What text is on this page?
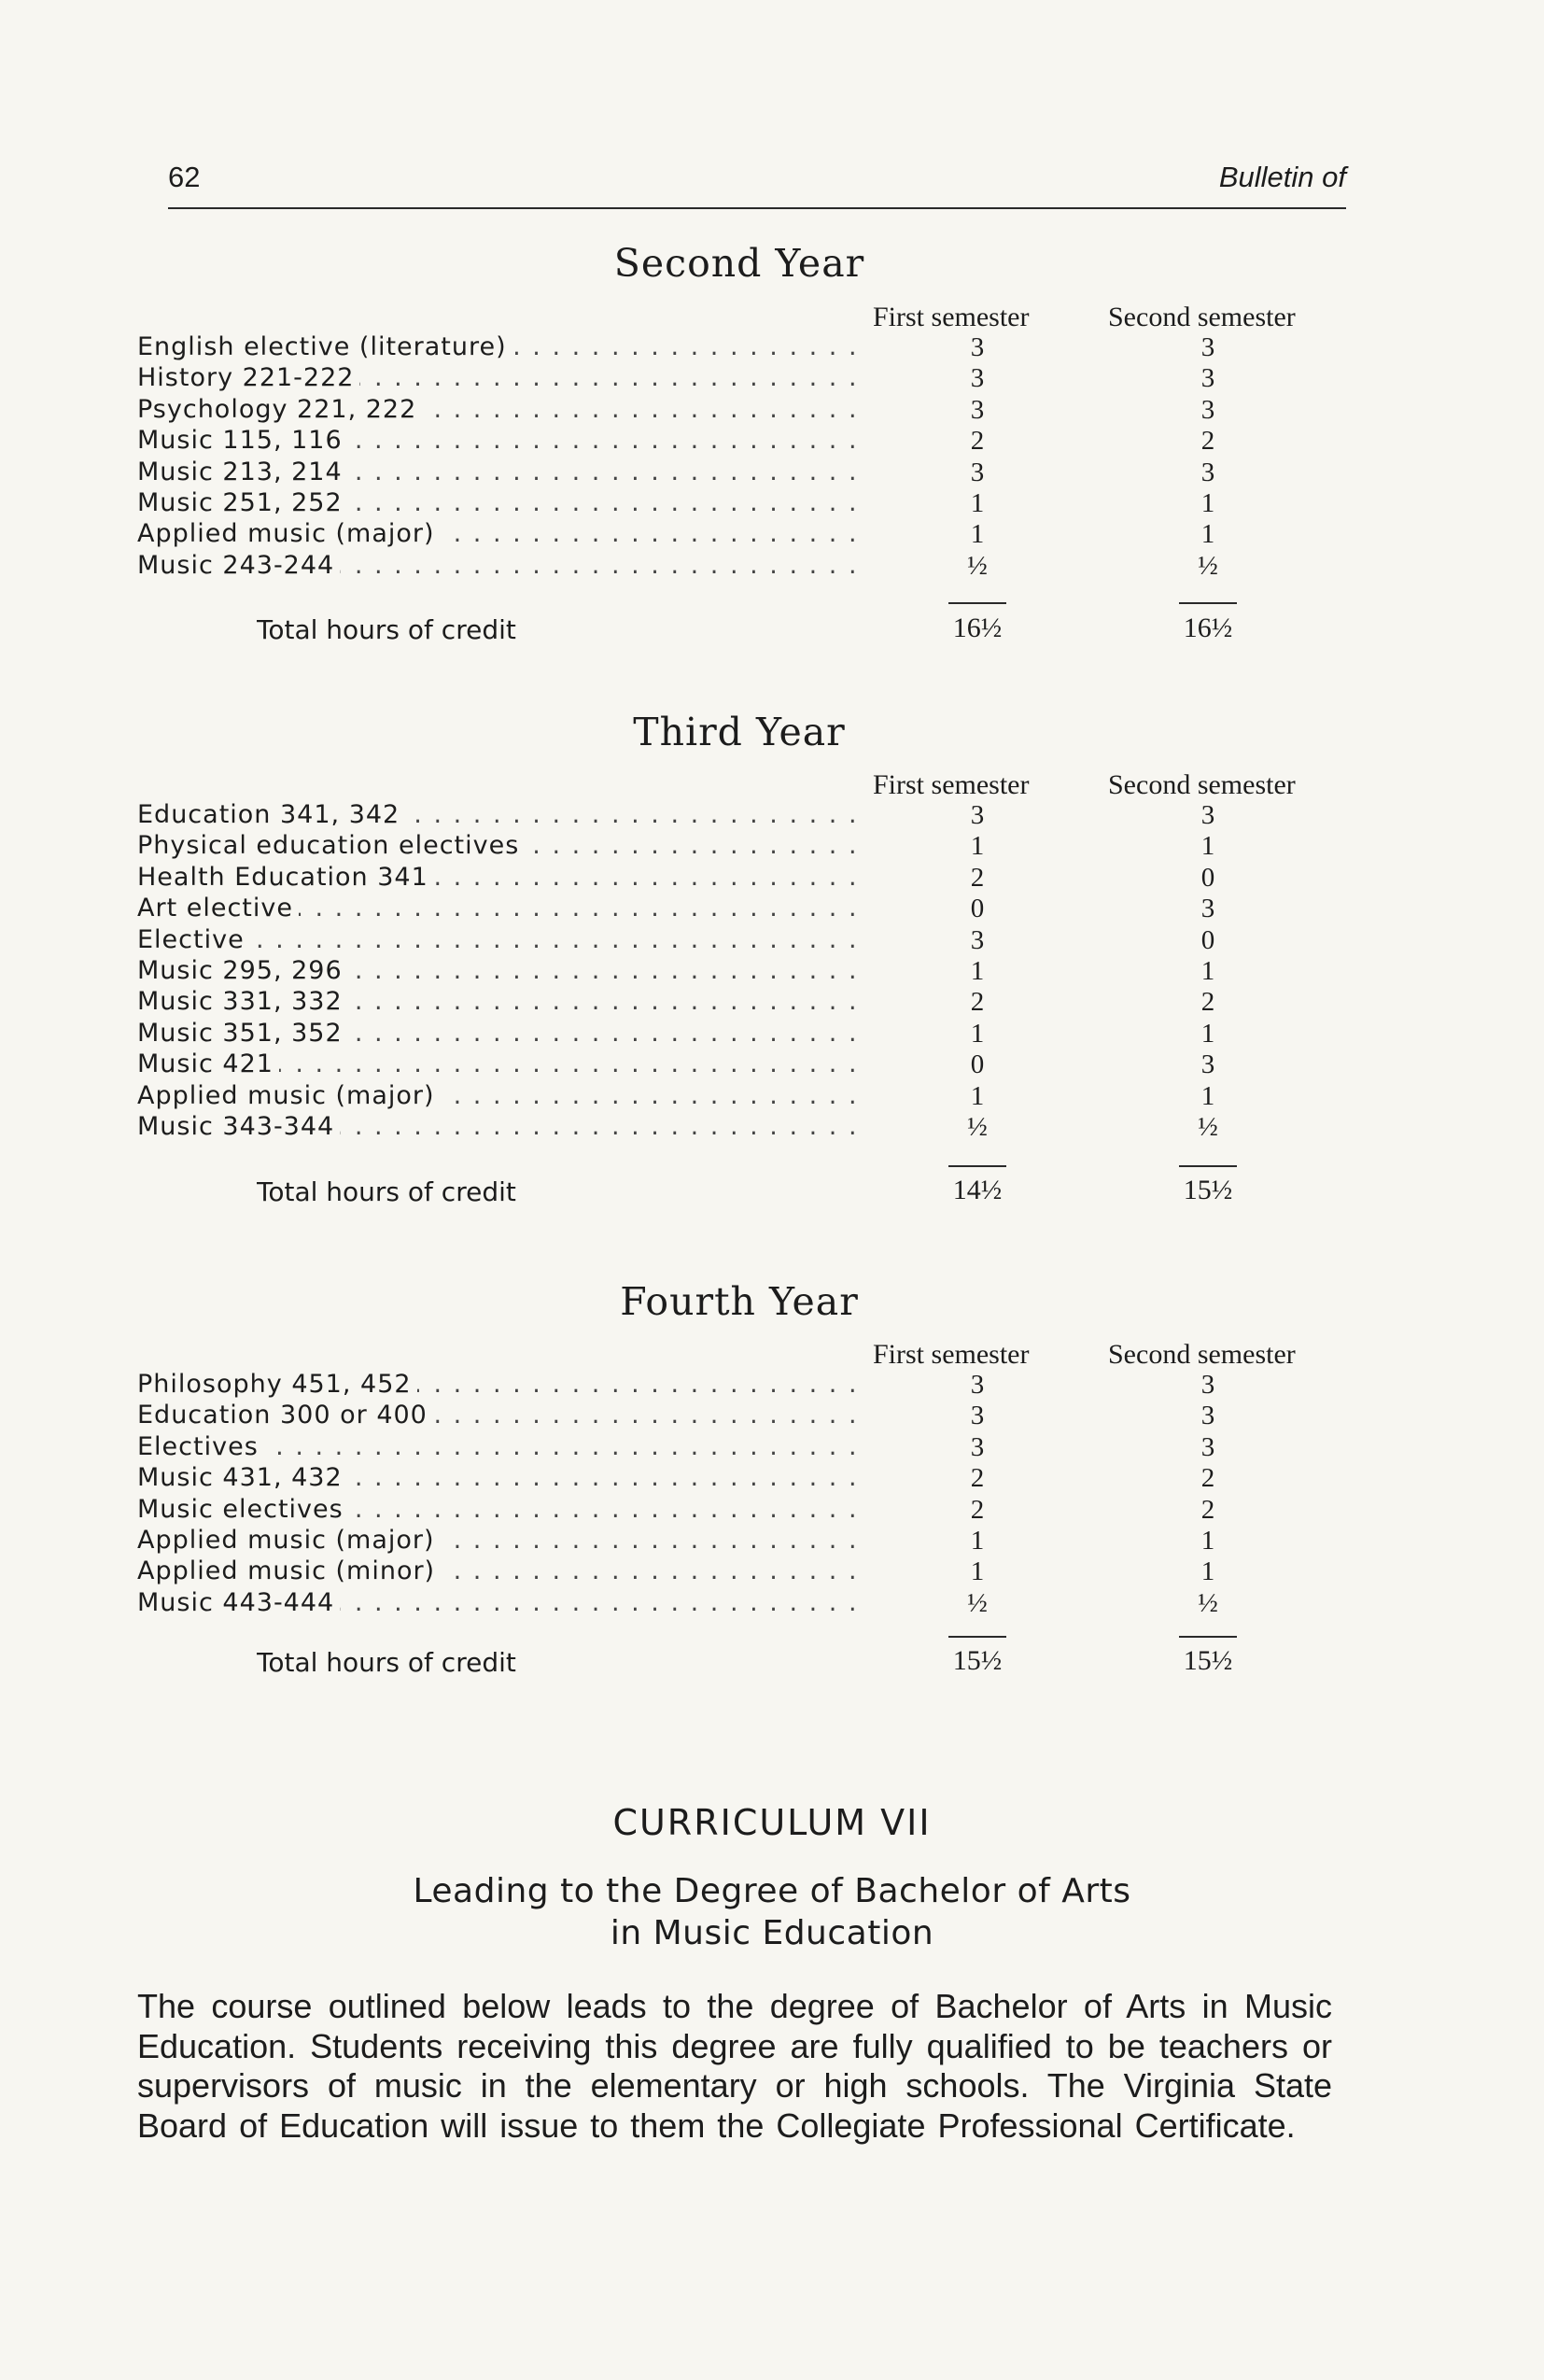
62	Bulletin of
Second Year
First semester	Second semester
English elective (literature) . . .	3	3
History 221-222 . . .	3	3
Psychology 221, 222 . . .	3	3
Music 115, 116 . . .	2	2
Music 213, 214 . . .	3	3
Music 251, 252 . . .	1	1
Applied music (major) . . .	1	1
Music 243-244 . . .	½	½
Total hours of credit	16½	16½
Third Year
First semester	Second semester
Education 341, 342 . . .	3	3
Physical education electives . . .	1	1
Health Education 341 . . .	2	0
Art elective . . .	0	3
Elective . . .	3	0
Music 295, 296 . . .	1	1
Music 331, 332 . . .	2	2
Music 351, 352 . . .	1	1
Music 421 . . .	0	3
Applied music (major) . . .	1	1
Music 343-344 . . .	½	½
Total hours of credit	14½	15½
Fourth Year
First semester	Second semester
Philosophy 451, 452 . . .	3	3
Education 300 or 400 . . .	3	3
Electives . . .	3	3
Music 431, 432 . . .	2	2
Music electives . . .	2	2
Applied music (major) . . .	1	1
Applied music (minor) . . .	1	1
Music 443-444 . . .	½	½
Total hours of credit	15½	15½
CURRICULUM VII
Leading to the Degree of Bachelor of Arts
in Music Education
The course outlined below leads to the degree of Bachelor of Arts in Music Education. Students receiving this degree are fully qualified to be teachers or supervisors of music in the elementary or high schools. The Virginia State Board of Education will issue to them the Collegiate Professional Certificate.
